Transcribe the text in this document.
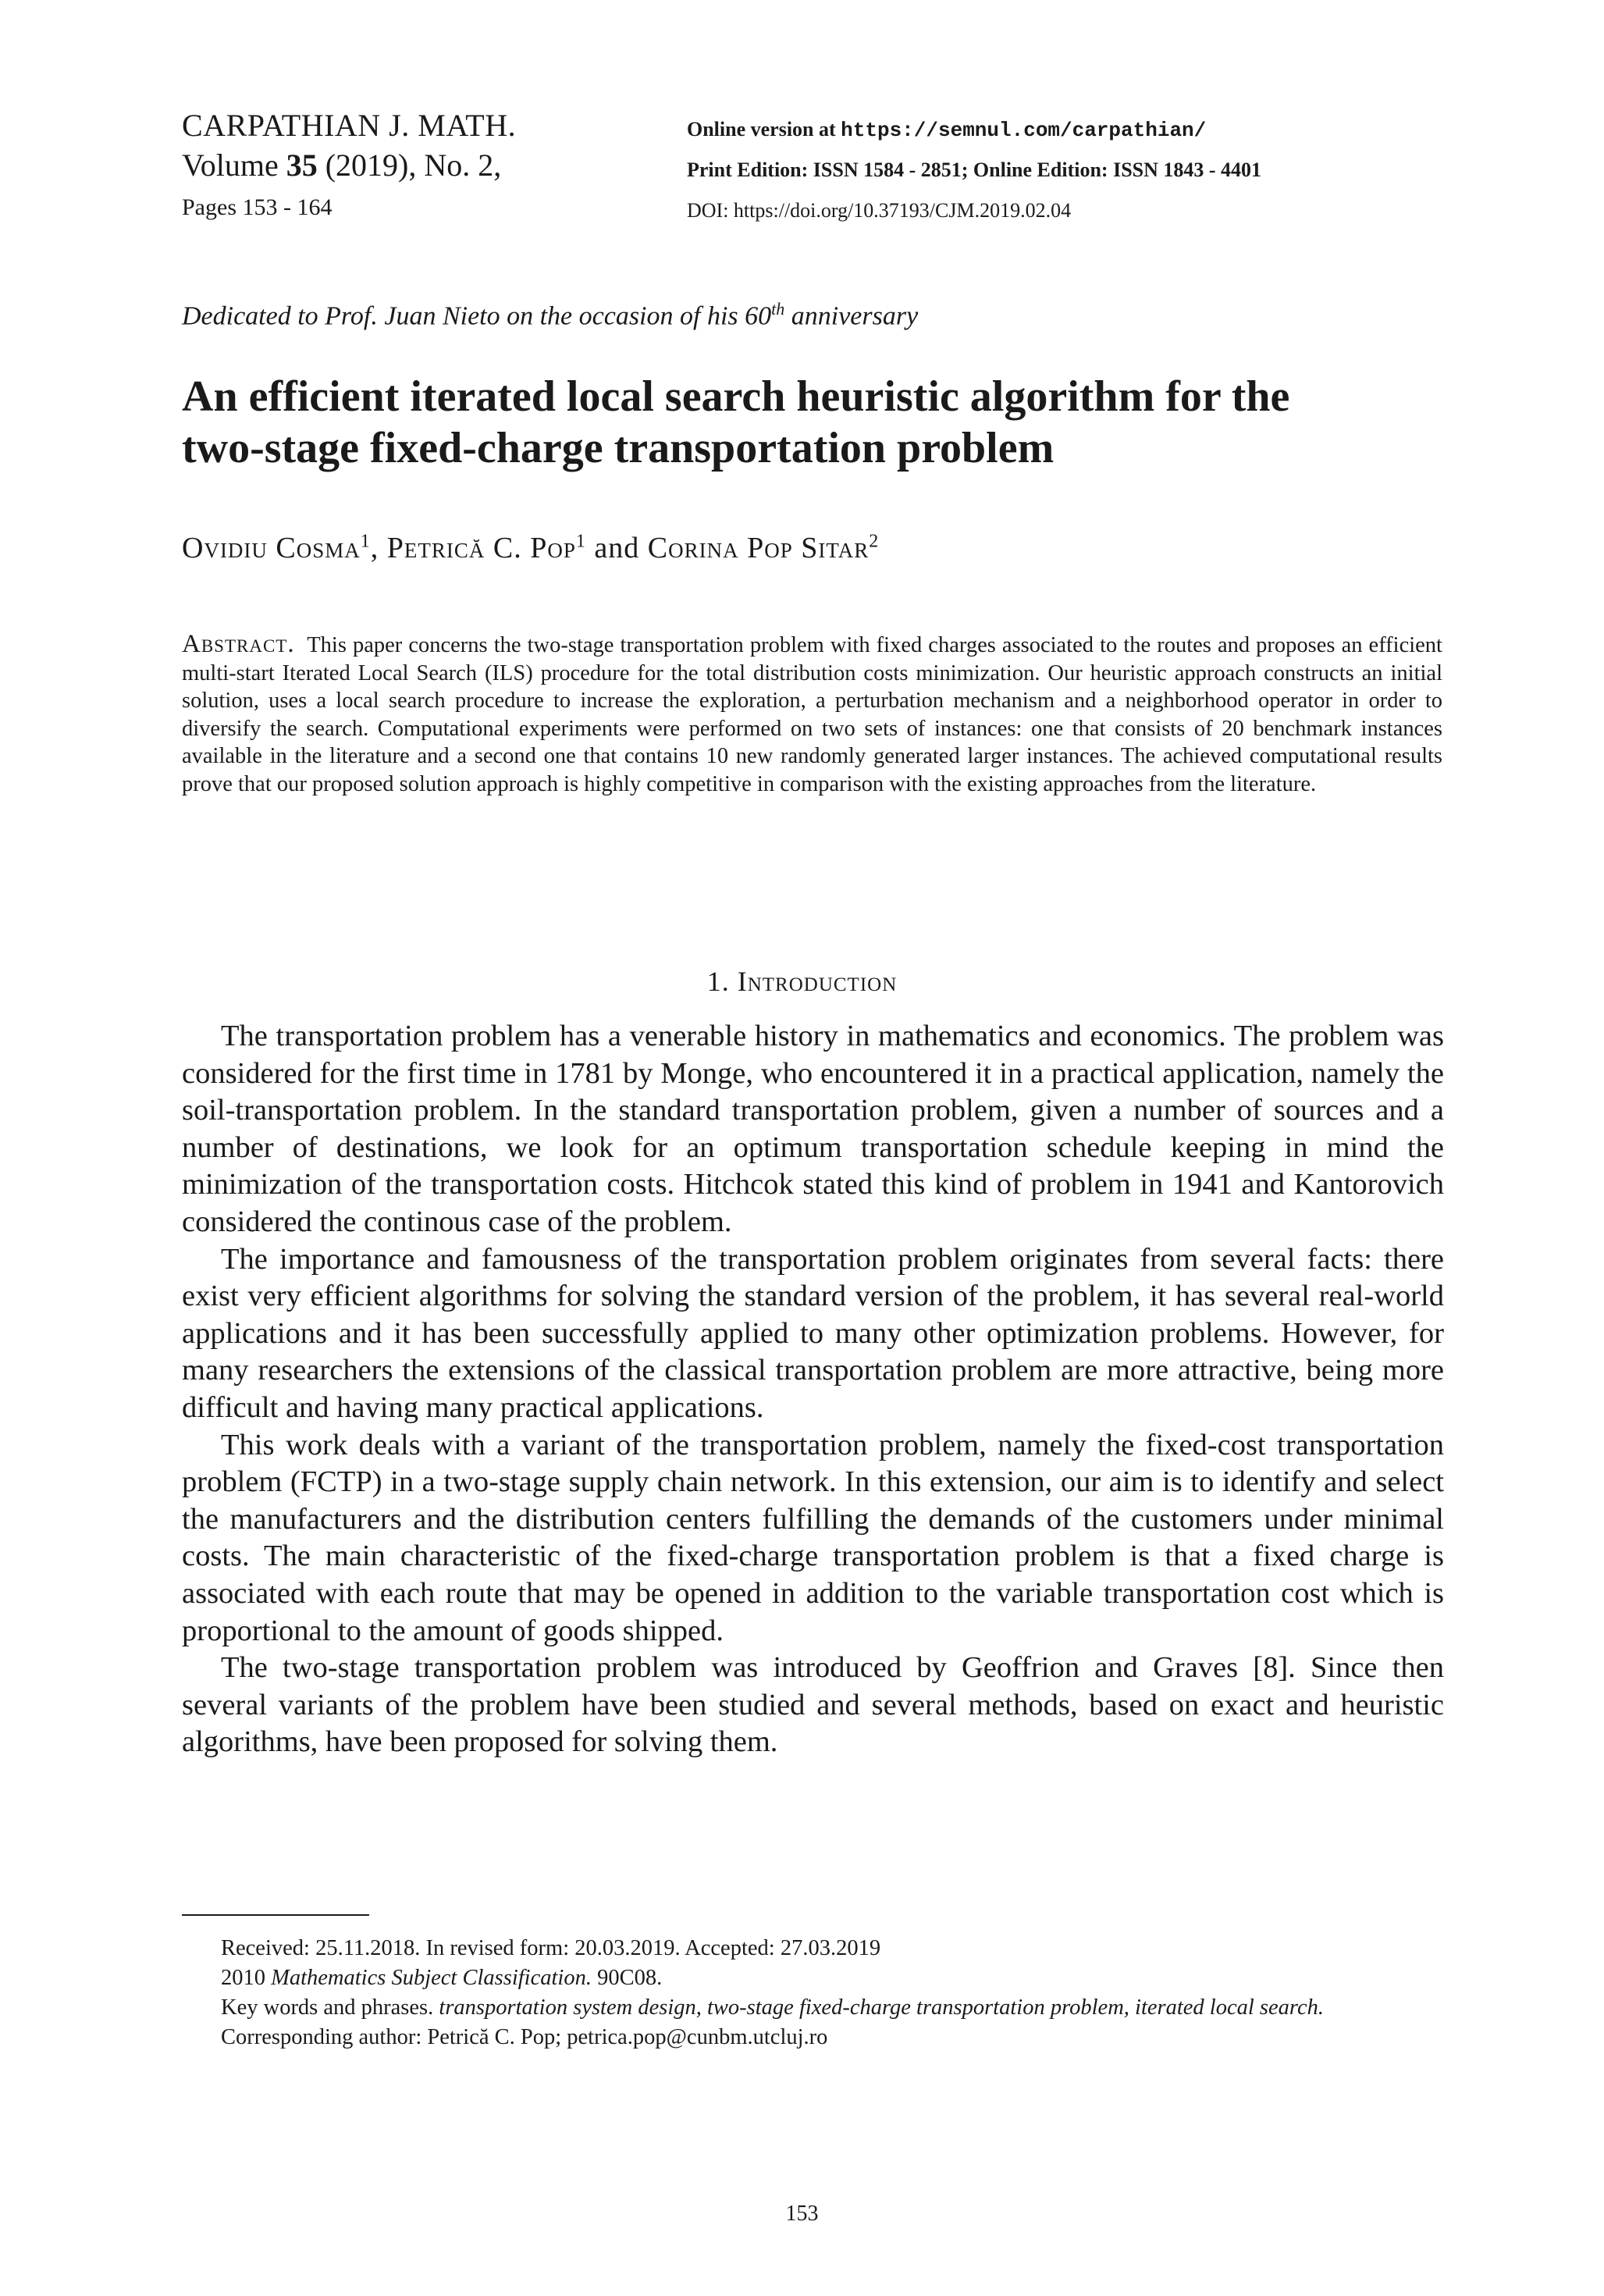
CARPATHIAN J. MATH.
Volume 35 (2019), No. 2,
Pages 153 - 164
Online version at https://semnul.com/carpathian/
Print Edition: ISSN 1584 - 2851; Online Edition: ISSN 1843 - 4401
DOI: https://doi.org/10.37193/CJM.2019.02.04
Dedicated to Prof. Juan Nieto on the occasion of his 60th anniversary
An efficient iterated local search heuristic algorithm for the
two-stage fixed-charge transportation problem
Ovidiu Cosma$^1$, Petrică C. Pop$^1$ and Corina Pop Sitar$^2$
Abstract. This paper concerns the two-stage transportation problem with fixed charges associated to the routes and proposes an efficient multi-start Iterated Local Search (ILS) procedure for the total distribution costs minimization. Our heuristic approach constructs an initial solution, uses a local search procedure to increase the exploration, a perturbation mechanism and a neighborhood operator in order to diversify the search. Computational experiments were performed on two sets of instances: one that consists of 20 benchmark instances available in the literature and a second one that contains 10 new randomly generated larger instances. The achieved computational results prove that our proposed solution approach is highly competitive in comparison with the existing approaches from the literature.
1. Introduction

The transportation problem has a venerable history in mathematics and economics. The problem was considered for the first time in 1781 by Monge, who encountered it in a practical application, namely the soil-transportation problem. In the standard transportation problem, given a number of sources and a number of destinations, we look for an optimum transportation schedule keeping in mind the minimization of the transportation costs. Hitchcok stated this kind of problem in 1941 and Kantorovich considered the continous case of the problem.

The importance and famousness of the transportation problem originates from several facts: there exist very efficient algorithms for solving the standard version of the problem, it has several real-world applications and it has been successfully applied to many other optimization problems. However, for many researchers the extensions of the classical transportation problem are more attractive, being more difficult and having many practical applications.

This work deals with a variant of the transportation problem, namely the fixed-cost transportation problem (FCTP) in a two-stage supply chain network. In this extension, our aim is to identify and select the manufacturers and the distribution centers fulfilling the demands of the customers under minimal costs. The main characteristic of the fixed-charge transportation problem is that a fixed charge is associated with each route that may be opened in addition to the variable transportation cost which is proportional to the amount of goods shipped.

The two-stage transportation problem was introduced by Geoffrion and Graves [8]. Since then several variants of the problem have been studied and several methods, based on exact and heuristic algorithms, have been proposed for solving them.

Received: 25.11.2018. In revised form: 20.03.2019. Accepted: 27.03.2019

2010 Mathematics Subject Classification. 90C08.

Key words and phrases. transportation system design, two-stage fixed-charge transportation problem, iterated local search.

Corresponding author: Petrică C. Pop; petrica.pop@cunbm.utcluj.ro

153
